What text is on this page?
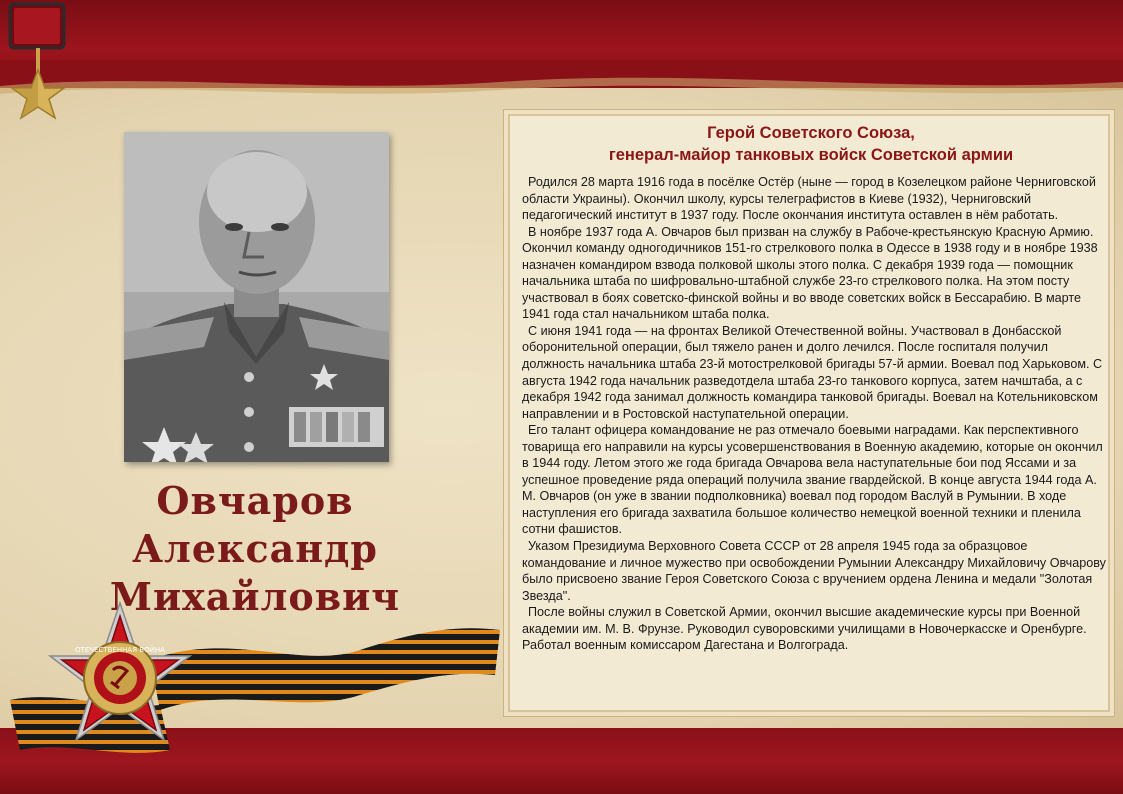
Овчаров
Александр
Михайлович
Герой Советского Союза,
генерал-майор танковых войск Советской армии

Родился 28 марта 1916 года в посёлке Остёр (ныне — город в Козелецком районе Черниговской области Украины). Окончил школу, курсы телеграфистов в Киеве (1932), Черниговский педагогический институт в 1937 году. После окончания института оставлен в нём работать.

В ноябре 1937 года А. Овчаров был призван на службу в Рабоче-крестьянскую Красную Армию. Окончил команду одногодичников 151-го стрелкового полка в Одессе в 1938 году и в ноябре 1938 назначен командиром взвода полковой школы этого полка. С декабря 1939 года — помощник начальника штаба по шифровально-штабной службе 23-го стрелкового полка. На этом посту участвовал в боях советско-финской войны и во вводе советских войск в Бессарабию. В марте 1941 года стал начальником штаба полка.

С июня 1941 года — на фронтах Великой Отечественной войны. Участвовал в Донбасской оборонительной операции, был тяжело ранен и долго лечился. После госпиталя получил должность начальника штаба 23-й мотострелковой бригады 57-й армии. Воевал под Харьковом. С августа 1942 года начальник разведотдела штаба 23-го танкового корпуса, затем начштаба, а с декабря 1942 года занимал должность командира танковой бригады. Воевал на Котельниковском направлении и в Ростовской наступательной операции.

Его талант офицера командование не раз отмечало боевыми наградами. Как перспективного товарища его направили на курсы усовершенствования в Военную академию, которые он окончил в 1944 году. Летом этого же года бригада Овчарова вела наступательные бои под Яссами и за успешное проведение ряда операций получила звание гвардейской. В конце августа 1944 года А. М. Овчаров (он уже в звании подполковника) воевал под городом Васлуй в Румынии. В ходе наступления его бригада захватила большое количество немецкой военной техники и пленила сотни фашистов.

Указом Президиума Верховного Совета СССР от 28 апреля 1945 года за образцовое командование и личное мужество при освобождении Румынии Александру Михайловичу Овчарову было присвоено звание Героя Советского Союза с вручением ордена Ленина и медали "Золотая Звезда".

После войны служил в Советской Армии, окончил высшие академические курсы при Военной академии им. М. В. Фрунзе. Руководил суворовскими училищами в Новочеркасске и Оренбурге. Работал военным комиссаром Дагестана и Волгограда.

ОТЕЧЕСТВЕННАЯ ВОЙНА
